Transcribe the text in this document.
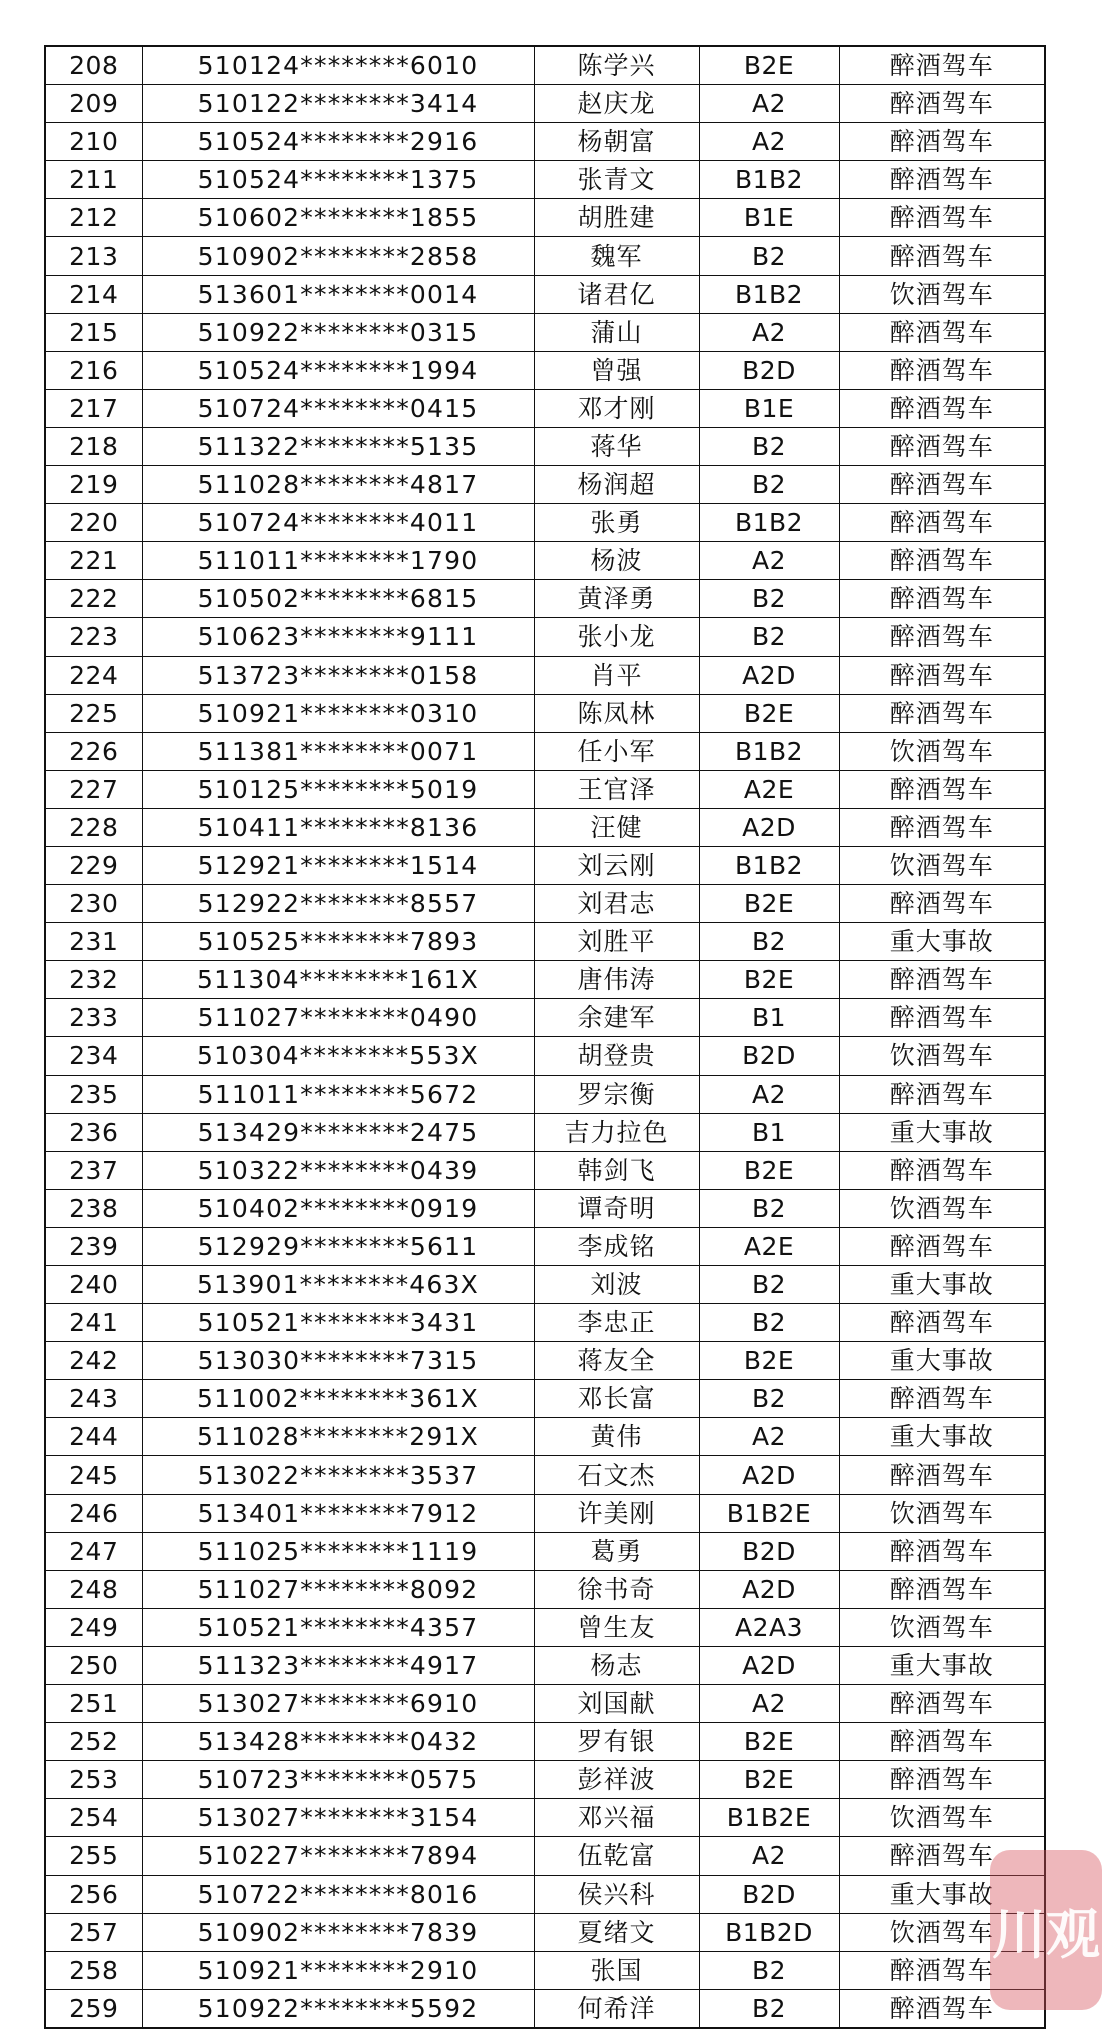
208	510124********6010	陈学兴	B2E	醉酒驾车
209	510122********3414	赵庆龙	A2	醉酒驾车
210	510524********2916	杨朝富	A2	醉酒驾车
211	510524********1375	张青文	B1B2	醉酒驾车
212	510602********1855	胡胜建	B1E	醉酒驾车
213	510902********2858	魏军	B2	醉酒驾车
214	513601********0014	诸君亿	B1B2	饮酒驾车
215	510922********0315	蒲山	A2	醉酒驾车
216	510524********1994	曾强	B2D	醉酒驾车
217	510724********0415	邓才刚	B1E	醉酒驾车
218	511322********5135	蒋华	B2	醉酒驾车
219	511028********4817	杨润超	B2	醉酒驾车
220	510724********4011	张勇	B1B2	醉酒驾车
221	511011********1790	杨波	A2	醉酒驾车
222	510502********6815	黄泽勇	B2	醉酒驾车
223	510623********9111	张小龙	B2	醉酒驾车
224	513723********0158	肖平	A2D	醉酒驾车
225	510921********0310	陈凤林	B2E	醉酒驾车
226	511381********0071	任小军	B1B2	饮酒驾车
227	510125********5019	王官泽	A2E	醉酒驾车
228	510411********8136	汪健	A2D	醉酒驾车
229	512921********1514	刘云刚	B1B2	饮酒驾车
230	512922********8557	刘君志	B2E	醉酒驾车
231	510525********7893	刘胜平	B2	重大事故
232	511304********161X	唐伟涛	B2E	醉酒驾车
233	511027********0490	余建军	B1	醉酒驾车
234	510304********553X	胡登贵	B2D	饮酒驾车
235	511011********5672	罗宗衡	A2	醉酒驾车
236	513429********2475	吉力拉色	B1	重大事故
237	510322********0439	韩剑飞	B2E	醉酒驾车
238	510402********0919	谭奇明	B2	饮酒驾车
239	512929********5611	李成铭	A2E	醉酒驾车
240	513901********463X	刘波	B2	重大事故
241	510521********3431	李忠正	B2	醉酒驾车
242	513030********7315	蒋友全	B2E	重大事故
243	511002********361X	邓长富	B2	醉酒驾车
244	511028********291X	黄伟	A2	重大事故
245	513022********3537	石文杰	A2D	醉酒驾车
246	513401********7912	许美刚	B1B2E	饮酒驾车
247	511025********1119	葛勇	B2D	醉酒驾车
248	511027********8092	徐书奇	A2D	醉酒驾车
249	510521********4357	曾生友	A2A3	饮酒驾车
250	511323********4917	杨志	A2D	重大事故
251	513027********6910	刘国献	A2	醉酒驾车
252	513428********0432	罗有银	B2E	醉酒驾车
253	510723********0575	彭祥波	B2E	醉酒驾车
254	513027********3154	邓兴福	B1B2E	饮酒驾车
255	510227********7894	伍乾富	A2	醉酒驾车
256	510722********8016	侯兴科	B2D	重大事故
257	510902********7839	夏绪文	B1B2D	饮酒驾车
258	510921********2910	张国	B2	醉酒驾车
259	510922********5592	何希洋	B2	醉酒驾车
川观
